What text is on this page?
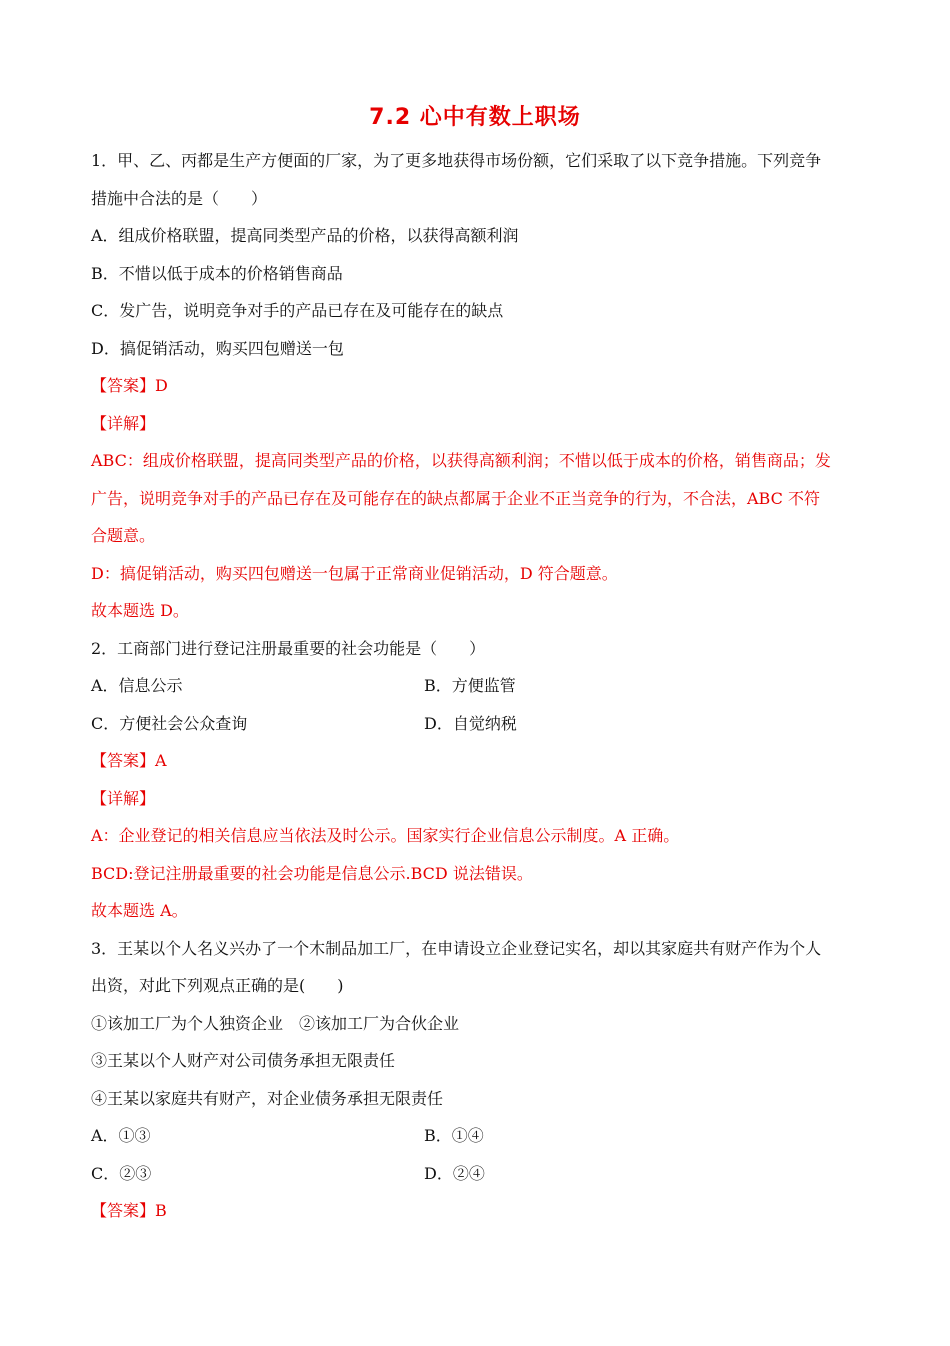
7.2 心中有数上职场

1．甲、乙、丙都是生产方便面的厂家，为了更多地获得市场份额，它们采取了以下竞争措施。下列竞争

措施中合法的是（　　）

A．组成价格联盟，提高同类型产品的价格，以获得高额利润

B．不惜以低于成本的价格销售商品

C．发广告，说明竞争对手的产品已存在及可能存在的缺点

D．搞促销活动，购买四包赠送一包

【答案】D

【详解】

ABC：组成价格联盟，提高同类型产品的价格，以获得高额利润；不惜以低于成本的价格，销售商品；发

广告，说明竞争对手的产品已存在及可能存在的缺点都属于企业不正当竞争的行为，不合法，ABC 不符

合题意。

D：搞促销活动，购买四包赠送一包属于正常商业促销活动，D 符合题意。

故本题选 D。

2．工商部门进行登记注册最重要的社会功能是（　　）

A．信息公示	B．方便监管
C．方便社会公众查询	D．自觉纳税

【答案】A

【详解】

A：企业登记的相关信息应当依法及时公示。国家实行企业信息公示制度。A 正确。

BCD:登记注册最重要的社会功能是信息公示.BCD 说法错误。

故本题选 A。

3．王某以个人名义兴办了一个木制品加工厂，在申请设立企业登记实名，却以其家庭共有财产作为个人

出资，对此下列观点正确的是(　　)

①该加工厂为个人独资企业　②该加工厂为合伙企业

③王某以个人财产对公司债务承担无限责任

④王某以家庭共有财产，对企业债务承担无限责任

A．①③	B．①④
C．②③	D．②④

【答案】B
